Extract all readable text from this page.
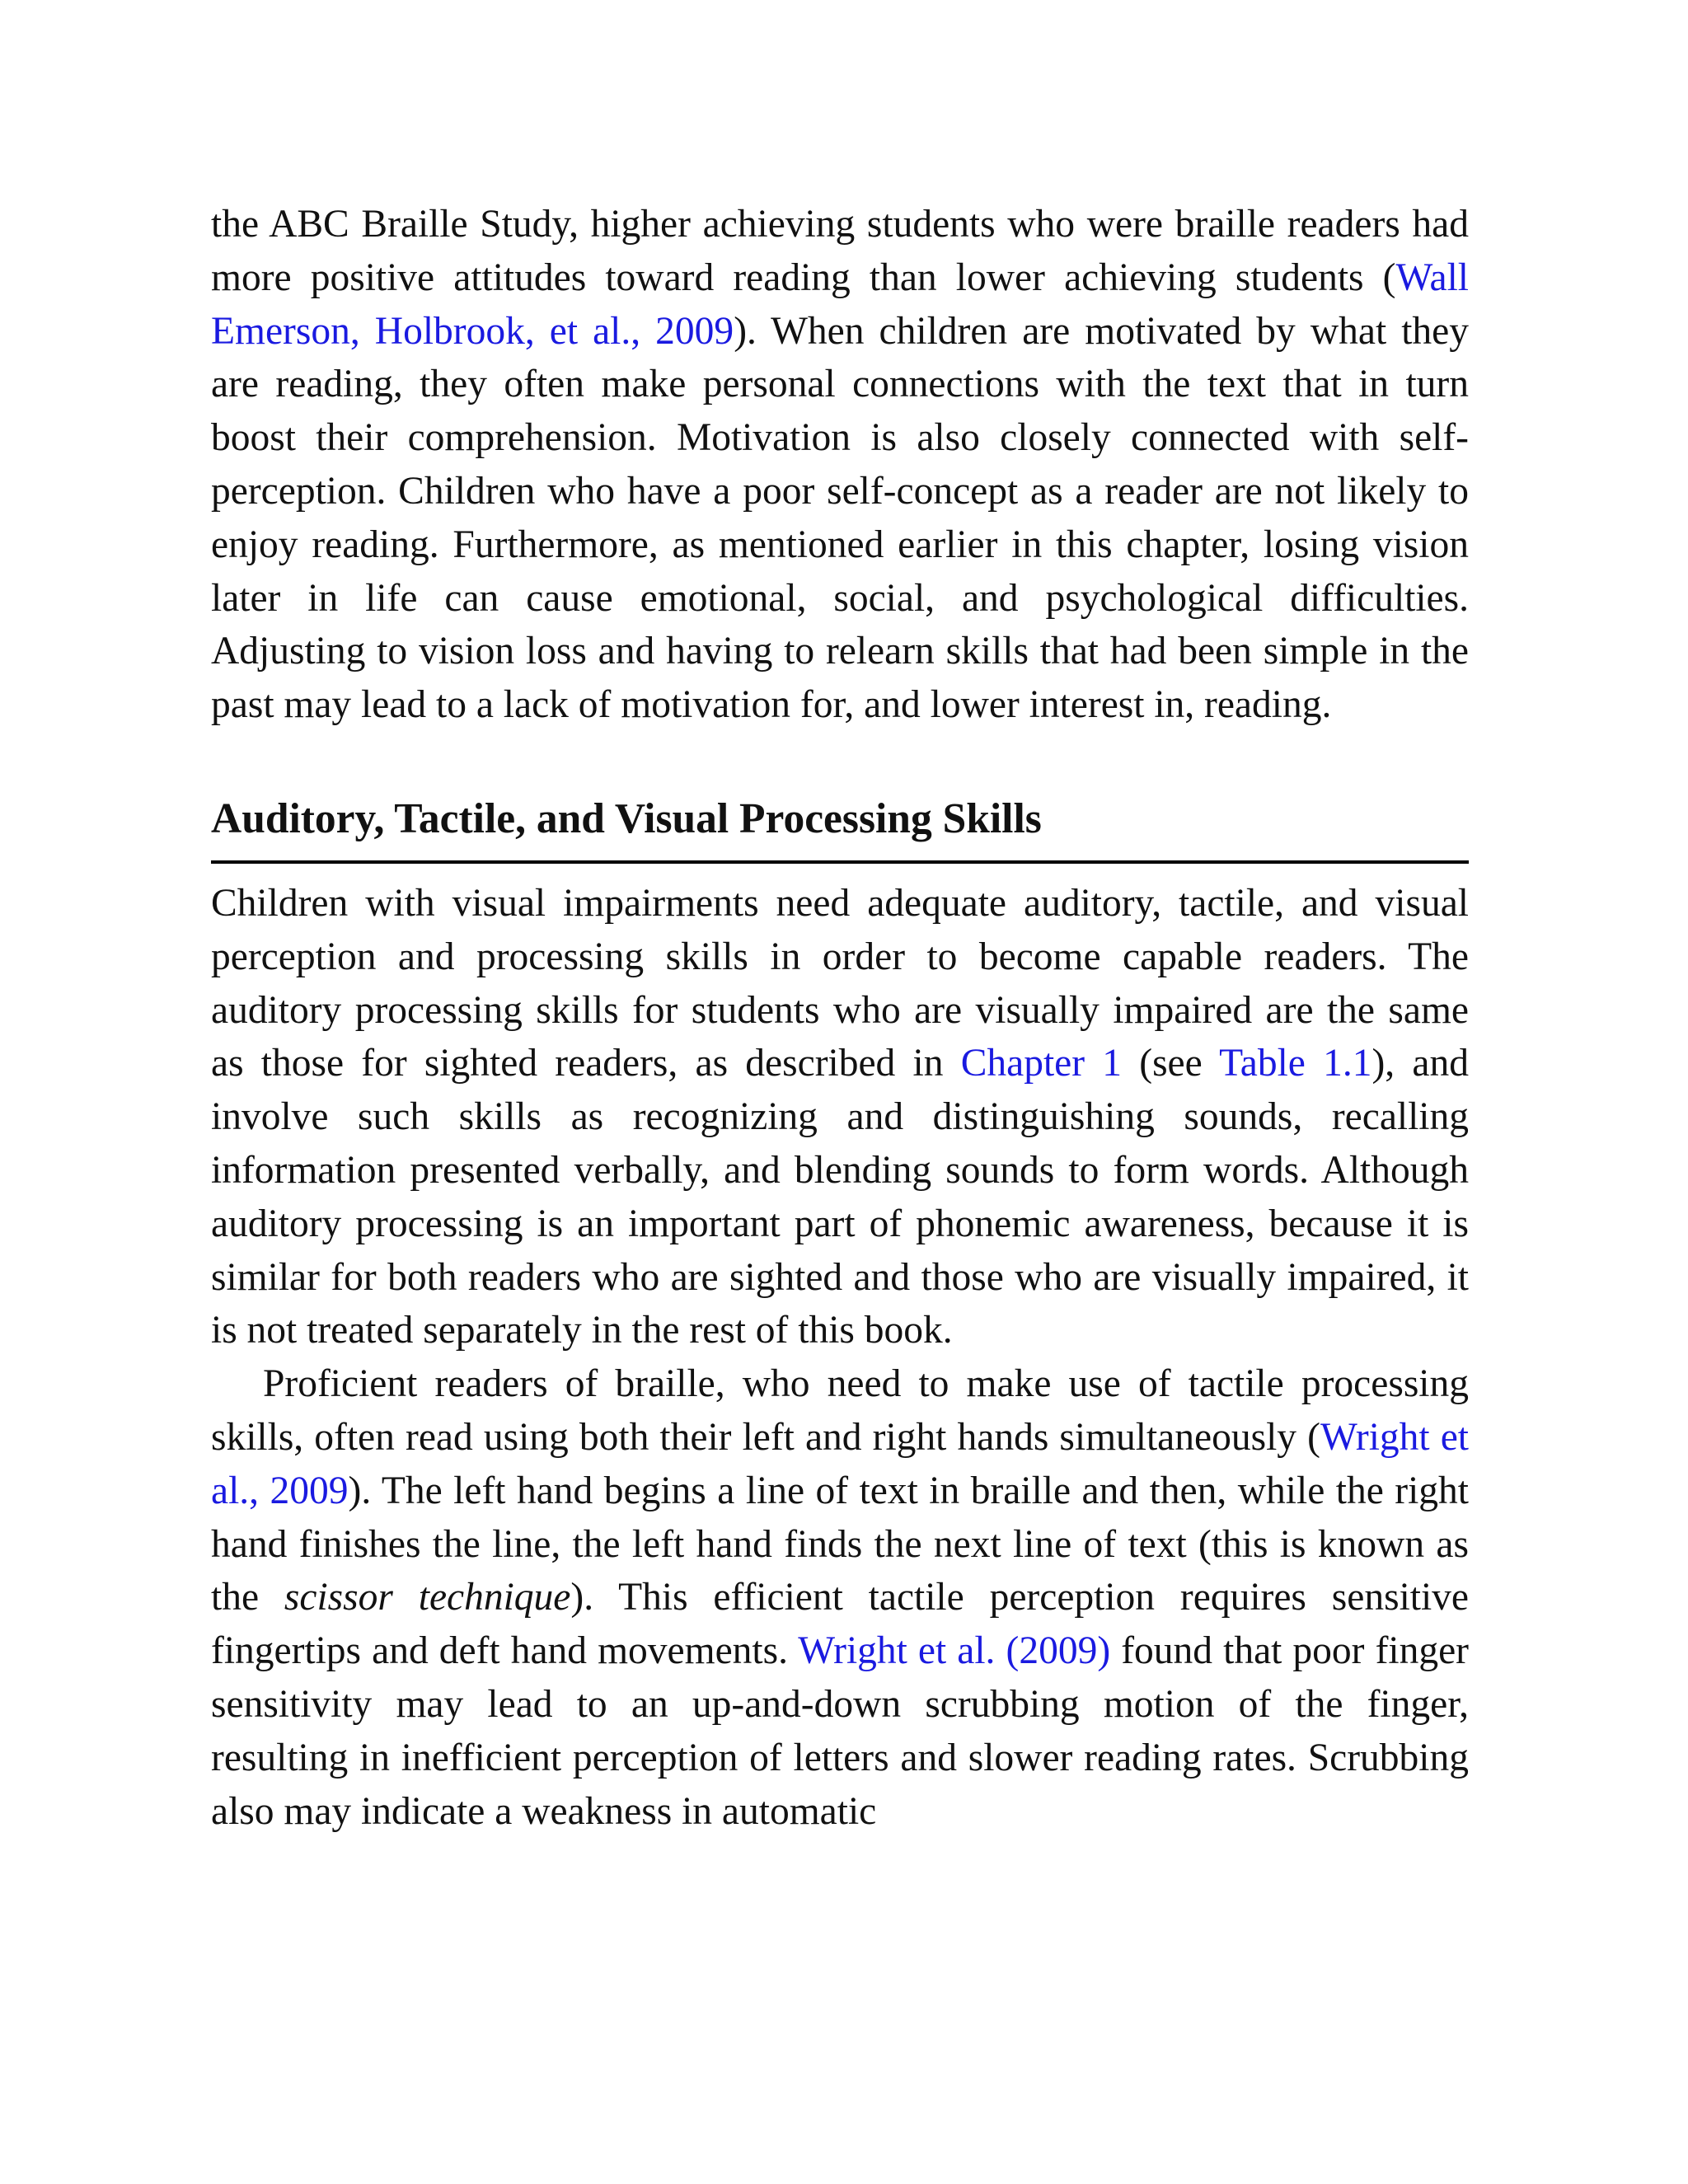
the ABC Braille Study, higher achieving students who were braille readers had more positive attitudes toward reading than lower achieving students (Wall Emerson, Holbrook, et al., 2009). When children are motivated by what they are reading, they often make personal connections with the text that in turn boost their comprehension. Motivation is also closely connected with self-perception. Children who have a poor self-concept as a reader are not likely to enjoy reading. Furthermore, as mentioned earlier in this chapter, losing vision later in life can cause emotional, social, and psychological difficulties. Adjusting to vision loss and having to relearn skills that had been simple in the past may lead to a lack of motivation for, and lower interest in, reading.

Auditory, Tactile, and Visual Processing Skills

Children with visual impairments need adequate auditory, tactile, and visual perception and processing skills in order to become capable readers. The auditory processing skills for students who are visually impaired are the same as those for sighted readers, as described in Chapter 1 (see Table 1.1), and involve such skills as recognizing and distinguishing sounds, recalling information presented verbally, and blending sounds to form words. Although auditory processing is an important part of phonemic awareness, because it is similar for both readers who are sighted and those who are visually impaired, it is not treated separately in the rest of this book.

Proficient readers of braille, who need to make use of tactile processing skills, often read using both their left and right hands simultaneously (Wright et al., 2009). The left hand begins a line of text in braille and then, while the right hand finishes the line, the left hand finds the next line of text (this is known as the scissor technique). This efficient tactile perception requires sensitive fingertips and deft hand movements. Wright et al. (2009) found that poor finger sensitivity may lead to an up-and-down scrubbing motion of the finger, resulting in inefficient perception of letters and slower reading rates. Scrubbing also may indicate a weakness in automatic
